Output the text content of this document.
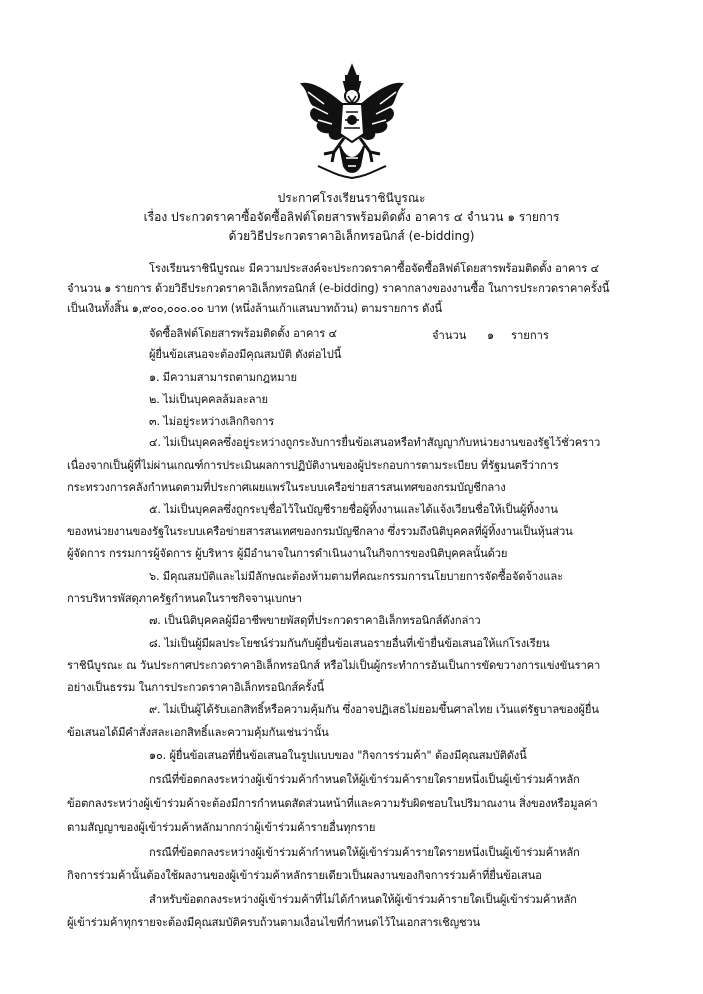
ประกาศโรงเรียนราชินีบูรณะ
เรื่อง ประกวดราคาซื้อจัดซื้อลิฟต์โดยสารพร้อมติดตั้ง อาคาร ๔ จำนวน ๑ รายการ
ด้วยวิธีประกวดราคาอิเล็กทรอนิกส์ (e-bidding)
โรงเรียนราชินีบูรณะ มีความประสงค์จะประกวดราคาซื้อจัดซื้อลิฟต์โดยสารพร้อมติดตั้ง อาคาร ๔
จำนวน ๑ รายการ ด้วยวิธีประกวดราคาอิเล็กทรอนิกส์ (e-bidding) ราคากลางของงานซื้อ ในการประกวดราคาครั้งนี้
เป็นเงินทั้งสิ้น ๑,๙๐๐,๐๐๐.๐๐ บาท (หนึ่งล้านเก้าแสนบาทถ้วน) ตามรายการ ดังนี้
จัดซื้อลิฟต์โดยสารพร้อมติดตั้ง อาคาร ๔	จำนวน ๑ รายการ
ผู้ยื่นข้อเสนอจะต้องมีคุณสมบัติ ดังต่อไปนี้
๑. มีความสามารถตามกฎหมาย
๒. ไม่เป็นบุคคลล้มละลาย
๓. ไม่อยู่ระหว่างเลิกกิจการ
๔. ไม่เป็นบุคคลซึ่งอยู่ระหว่างถูกระงับการยื่นข้อเสนอหรือทำสัญญากับหน่วยงานของรัฐไว้ชั่วคราว
เนื่องจากเป็นผู้ที่ไม่ผ่านเกณฑ์การประเมินผลการปฏิบัติงานของผู้ประกอบการตามระเบียบ ที่รัฐมนตรีว่าการ
กระทรวงการคลังกำหนดตามที่ประกาศเผยแพร่ในระบบเครือข่ายสารสนเทศของกรมบัญชีกลาง
๕. ไม่เป็นบุคคลซึ่งถูกระบุชื่อไว้ในบัญชีรายชื่อผู้ทิ้งงานและได้แจ้งเวียนชื่อให้เป็นผู้ทิ้งงาน
ของหน่วยงานของรัฐในระบบเครือข่ายสารสนเทศของกรมบัญชีกลาง ซึ่งรวมถึงนิติบุคคลที่ผู้ทิ้งงานเป็นหุ้นส่วน
ผู้จัดการ กรรมการผู้จัดการ ผู้บริหาร ผู้มีอำนาจในการดำเนินงานในกิจการของนิติบุคคลนั้นด้วย
๖. มีคุณสมบัติและไม่มีลักษณะต้องห้ามตามที่คณะกรรมการนโยบายการจัดซื้อจัดจ้างและ
การบริหารพัสดุภาครัฐกำหนดในราชกิจจานุเบกษา
๗. เป็นนิติบุคคลผู้มีอาชีพขายพัสดุที่ประกวดราคาอิเล็กทรอนิกส์ดังกล่าว
๘. ไม่เป็นผู้มีผลประโยชน์ร่วมกันกับผู้ยื่นข้อเสนอรายอื่นที่เข้ายื่นข้อเสนอให้แก่โรงเรียน
ราชินีบูรณะ ณ วันประกาศประกวดราคาอิเล็กทรอนิกส์ หรือไม่เป็นผู้กระทำการอันเป็นการขัดขวางการแข่งขันราคา
อย่างเป็นธรรม ในการประกวดราคาอิเล็กทรอนิกส์ครั้งนี้
๙. ไม่เป็นผู้ได้รับเอกสิทธิ์หรือความคุ้มกัน ซึ่งอาจปฏิเสธไม่ยอมขึ้นศาลไทย เว้นแต่รัฐบาลของผู้ยื่น
ข้อเสนอได้มีคำสั่งสละเอกสิทธิ์และความคุ้มกันเช่นว่านั้น
๑๐. ผู้ยื่นข้อเสนอที่ยื่นข้อเสนอในรูปแบบของ "กิจการร่วมค้า" ต้องมีคุณสมบัติดังนี้
กรณีที่ข้อตกลงระหว่างผู้เข้าร่วมค้ากำหนดให้ผู้เข้าร่วมค้ารายใดรายหนึ่งเป็นผู้เข้าร่วมค้าหลัก
ข้อตกลงระหว่างผู้เข้าร่วมค้าจะต้องมีการกำหนดสัดส่วนหน้าที่และความรับผิดชอบในปริมาณงาน สิ่งของหรือมูลค่า
ตามสัญญาของผู้เข้าร่วมค้าหลักมากกว่าผู้เข้าร่วมค้ารายอื่นทุกราย
กรณีที่ข้อตกลงระหว่างผู้เข้าร่วมค้ากำหนดให้ผู้เข้าร่วมค้ารายใดรายหนึ่งเป็นผู้เข้าร่วมค้าหลัก
กิจการร่วมค้านั้นต้องใช้ผลงานของผู้เข้าร่วมค้าหลักรายเดียวเป็นผลงานของกิจการร่วมค้าที่ยื่นข้อเสนอ
สำหรับข้อตกลงระหว่างผู้เข้าร่วมค้าที่ไม่ได้กำหนดให้ผู้เข้าร่วมค้ารายใดเป็นผู้เข้าร่วมค้าหลัก
ผู้เข้าร่วมค้าทุกรายจะต้องมีคุณสมบัติครบถ้วนตามเงื่อนไขที่กำหนดไว้ในเอกสารเชิญชวน
